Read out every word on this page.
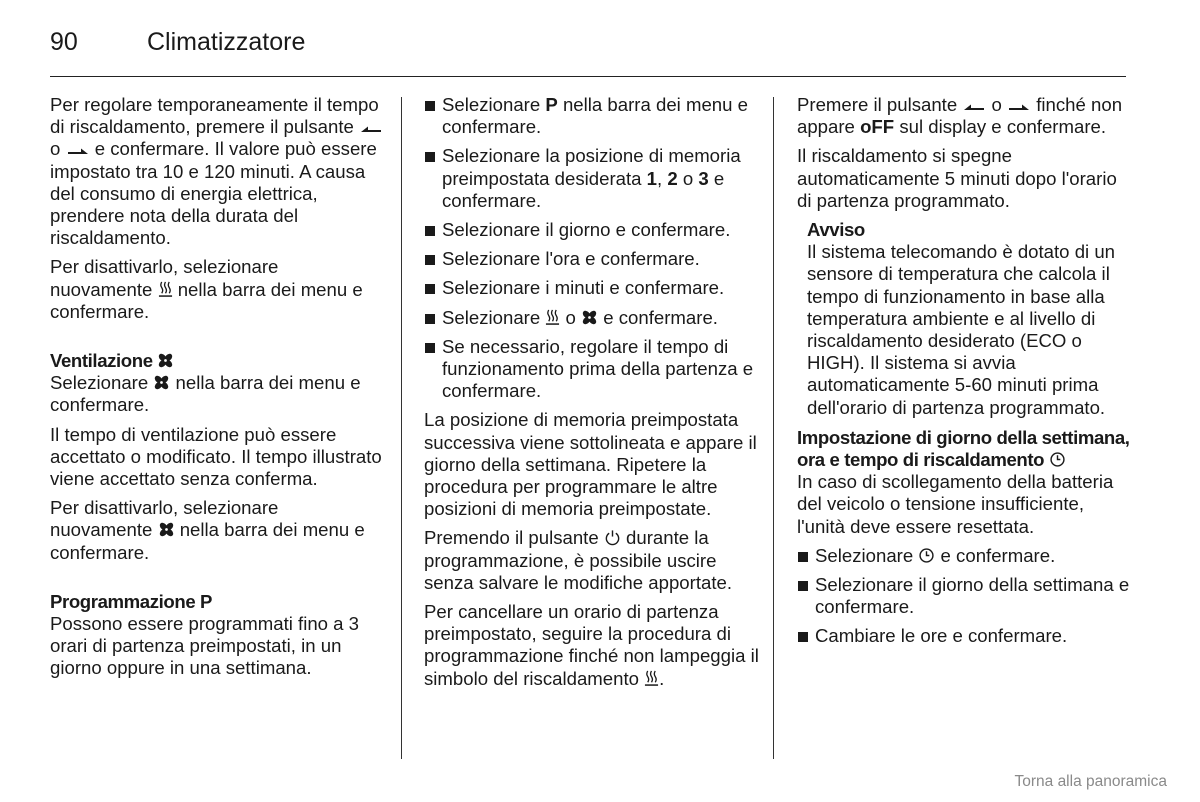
90	Climatizzatore

Per regolare temporaneamente il tempo di riscaldamento, premere il pulsante  o e confermare. Il valore può essere impostato tra 10 e 120 minuti. A causa del consumo di energia elettrica, prendere nota della durata del riscaldamento.

Per disattivarlo, selezionare nuovamente nella barra dei menu e confermare.

Ventilazione

Selezionare nella barra dei menu e confermare.

Il tempo di ventilazione può essere accettato o modificato. Il tempo illustrato viene accettato senza conferma.

Per disattivarlo, selezionare nuovamente nella barra dei menu e confermare.

Programmazione P

Possono essere programmati fino a 3 orari di partenza preimpostati, in un giorno oppure in una settimana.

Selezionare P nella barra dei menu e confermare.
Selezionare la posizione di memoria preimpostata desiderata 1, 2 o 3 e confermare.
Selezionare il giorno e confermare.
Selezionare l'ora e confermare.
Selezionare i minuti e confermare.
Selezionare o e confermare.
Se necessario, regolare il tempo di funzionamento prima della partenza e confermare.

La posizione di memoria preimpostata successiva viene sottolineata e appare il giorno della settimana. Ripetere la procedura per programmare le altre posizioni di memoria preimpostate.

Premendo il pulsante durante la programmazione, è possibile uscire senza salvare le modifiche apportate.

Per cancellare un orario di partenza preimpostato, seguire la procedura di programmazione finché non lampeggia il simbolo del riscaldamento .

Premere il pulsante o finché non appare oFF sul display e confermare.

Il riscaldamento si spegne automaticamente 5 minuti dopo l'orario di partenza programmato.

Avviso

Il sistema telecomando è dotato di un sensore di temperatura che calcola il tempo di funzionamento in base alla temperatura ambiente e al livello di riscaldamento desiderato (ECO o HIGH). Il sistema si avvia automaticamente 5-60 minuti prima dell'orario di partenza programmato.

Impostazione di giorno della settimana, ora e tempo di riscaldamento

In caso di scollegamento della batteria del veicolo o tensione insufficiente, l'unità deve essere resettata.

Selezionare e confermare.
Selezionare il giorno della settimana e confermare.
Cambiare le ore e confermare.
Torna alla panoramica
